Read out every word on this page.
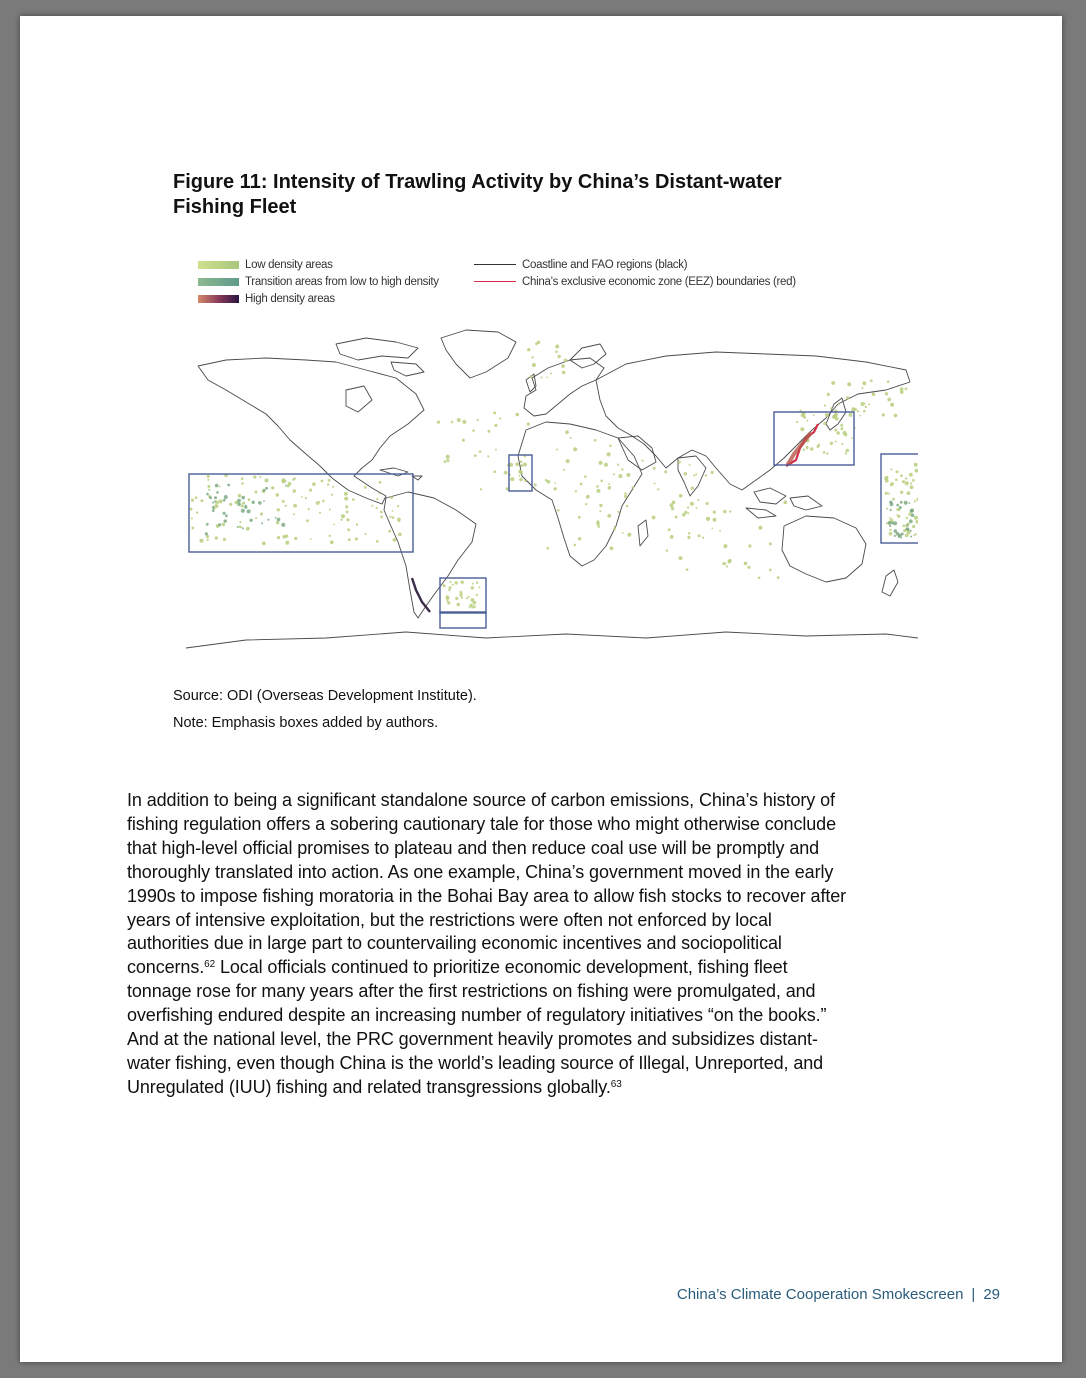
Figure 11: Intensity of Trawling Activity by China’s Distant-water Fishing Fleet
Low density areas
Transition areas from low to high density
High density areas
Coastline and FAO regions (black)
China’s exclusive economic zone (EEZ) boundaries (red)
Source: ODI (Overseas Development Institute).
Note: Emphasis boxes added by authors.

In addition to being a significant standalone source of carbon emissions, China’s history of fishing regulation offers a sobering cautionary tale for those who might otherwise conclude that high-level official promises to plateau and then reduce coal use will be promptly and thoroughly translated into action. As one example, China’s government moved in the early 1990s to impose fishing moratoria in the Bohai Bay area to allow fish stocks to recover after years of intensive exploitation, but the restrictions were often not enforced by local authorities due in large part to countervailing economic incentives and sociopolitical concerns.$^{62}$ Local officials continued to prioritize economic development, fishing fleet tonnage rose for many years after the first restrictions on fishing were promulgated, and overfishing endured despite an increasing number of regulatory initiatives “on the books.” And at the national level, the PRC government heavily promotes and subsidizes distant-water fishing, even though China is the world’s leading source of Illegal, Unreported, and Unregulated (IUU) fishing and related transgressions globally.$^{63}$

China’s Climate Cooperation Smokescreen | 29
